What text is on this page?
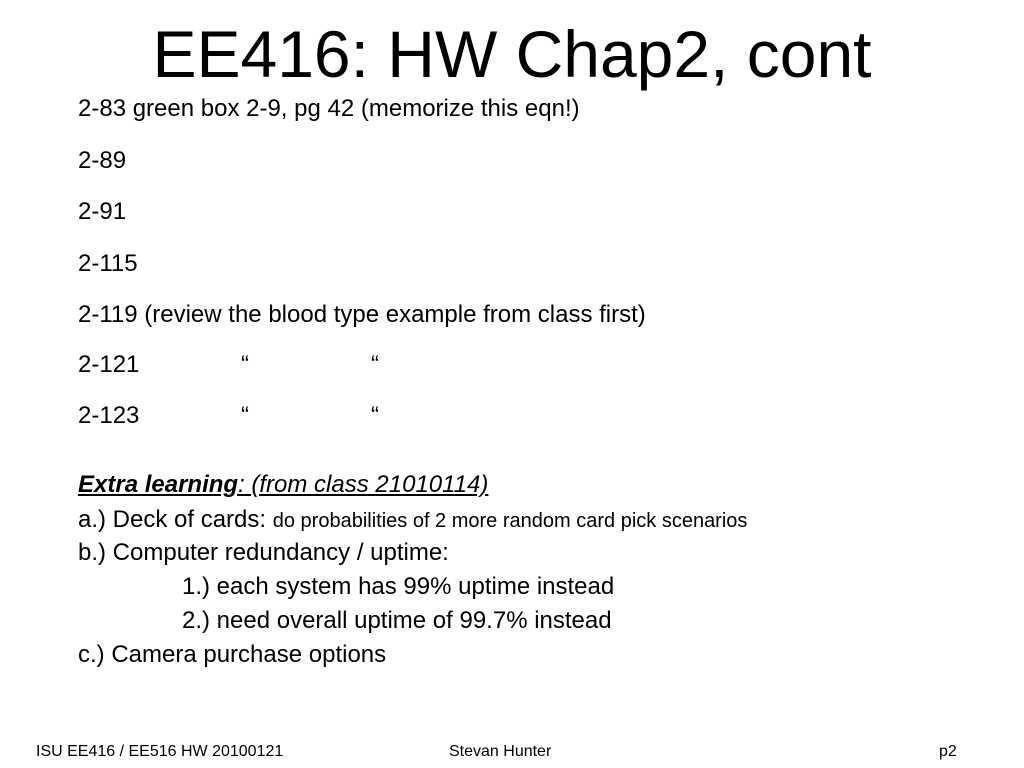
EE416: HW Chap2, cont
2-83 green box 2-9, pg 42 (memorize this eqn!)
2-89
2-91
2-115
2-119 (review the blood type example from class first)
2-121	“	“
2-123	“	“
Extra learning: (from class 21010114)
a.) Deck of cards: do probabilities of 2 more random card pick scenarios
b.) Computer redundancy / uptime:
1.) each system has 99% uptime instead
2.) need overall uptime of 99.7% instead
c.) Camera purchase options
ISU EE416 / EE516 HW 20100121	Stevan Hunter	p2
